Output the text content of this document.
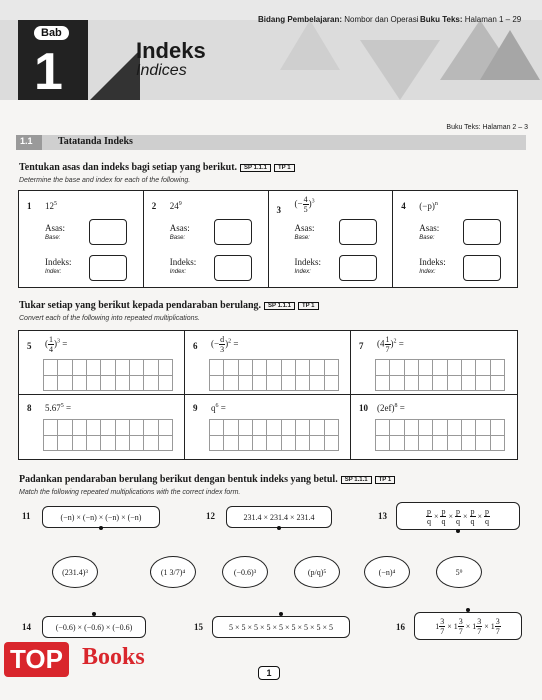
Bab
1	Indeks
Indices
Bidang Pembelajaran: Nombor dan Operasi Buku Teks: Halaman 1 – 29
Buku Teks: Halaman 2 – 3
1.1	Tatatanda Indeks
Tentukan asas dan indeks bagi setiap yang berikut. SP 1.1.1 TP 1
Determine the base and index for each of the following.
1 $12^5$
Asas:
Base:
Indeks:
Index:
2 $24^9$
Asas:
Base:
Indeks:
Index:
3
(− $\frac{4}{5} )^3$
Asas:
Base:
Indeks:
Index:
4 $(-p)^n$
Asas:
Base:
Indeks:
Index:
Tukar setiap yang berikut kepada pendaraban berulang. SP 1.1.1 TP 1
Convert each of the following into repeated multiplications.
5 ( $\frac{1}{4} )^3$ =	6 (− $\frac{d}{3} )^2$ =	7 $(4 \frac{1}{7} )^2$ =
8 $5.67^5$ =	9 $q^6$ =	10 $(2ef)^8$ =
Padankan pendaraban berulang berikut dengan bentuk indeks yang betul. SP 1.1.1 TP 1
Match the following repeated multiplications with the correct index form.
11	(−n) × (−n) × (−n) × (−n)	12	231.4 × 231.4 × 231.4	13	$\frac{p}{q} \times \frac{p}{q} \times \frac{p}{q} \times \frac{p}{q} \times \frac{p}{q}$
(231.4)³	(1 3/7)⁴	(−0.6)³	(p/q)⁵	(−n)⁴	5⁹
14	(−0.6) × (−0.6) × (−0.6)	15	5 × 5 × 5 × 5 × 5 × 5 × 5 × 5 × 5	16	$1 \frac{3}{7} \times 1 \frac{3}{7} \times 1 \frac{3}{7} \times 1 \frac{3}{7}$
TOP Books
1
